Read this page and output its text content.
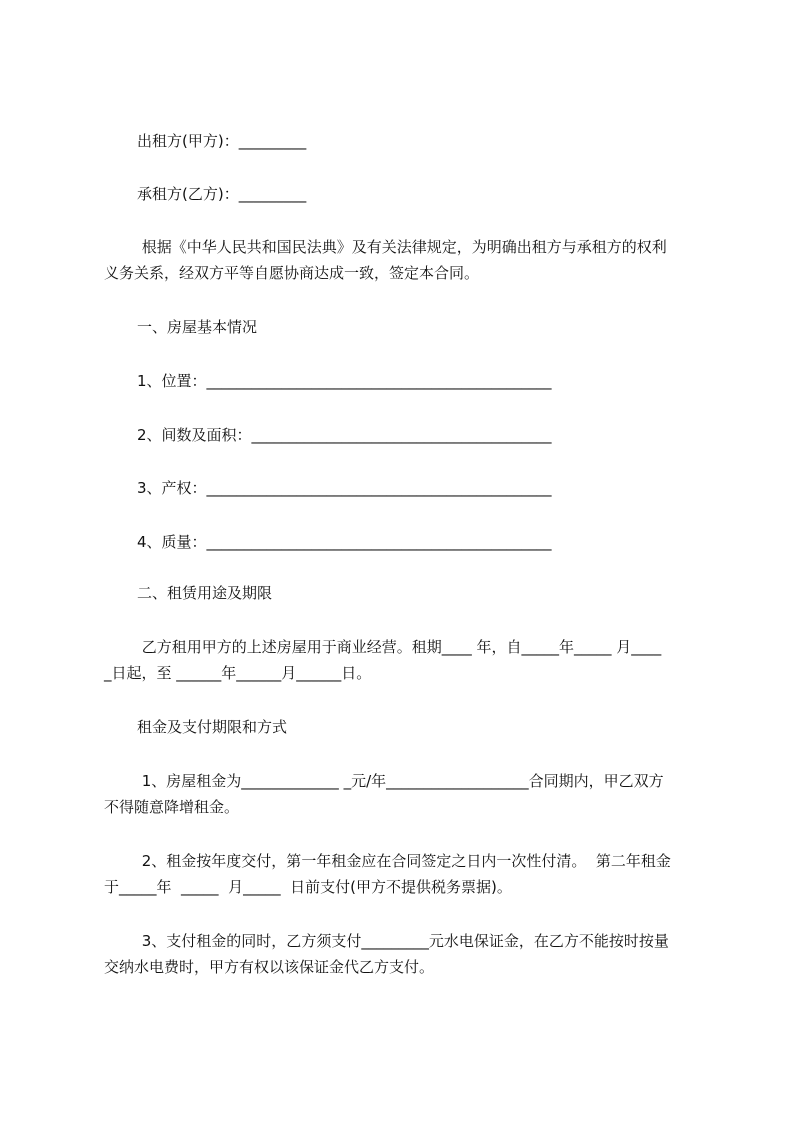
出租方(甲方)：_________

承租方(乙方)：_________

根据《中华人民共和国民法典》及有关法律规定，为明确出租方与承租方的权利

义务关系，经双方平等自愿协商达成一致，签定本合同。

一、房屋基本情况

1、位置：______________________________________________

2、间数及面积：________________________________________

3、产权：______________________________________________

4、质量：______________________________________________

二、租赁用途及期限

乙方租用甲方的上述房屋用于商业经营。租期____ 年，自_____年_____ 月____

_日起，至 ______年______月______日。

租金及支付期限和方式

1、房屋租金为_____________ _元/年___________________合同期内，甲乙双方

不得随意降增租金。

2、租金按年度交付，第一年租金应在合同签定之日内一次性付清。  第二年租金

于_____年  _____  月_____  日前支付(甲方不提供税务票据)。

3、支付租金的同时，乙方须支付_________元水电保证金，在乙方不能按时按量

交纳水电费时，甲方有权以该保证金代乙方支付。
